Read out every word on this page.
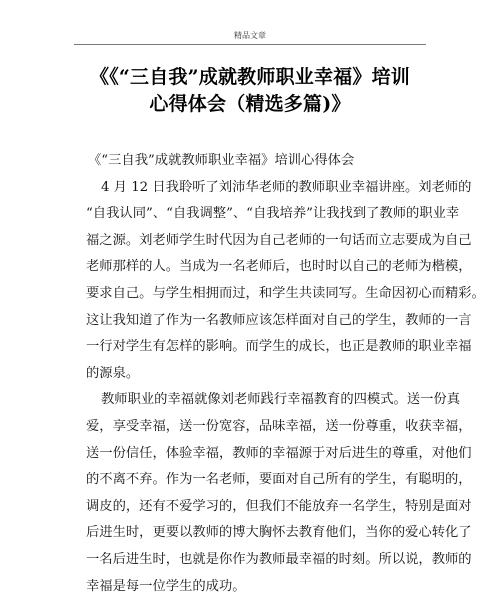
精品文章
《《“三自我”成就教师职业幸福》培训
心得体会（精选多篇)》
《“三自我”成就教师职业幸福》培训心得体会
4 月 12 日我聆听了刘沛华老师的教师职业幸福讲座。刘老师的
“自我认同”、“自我调整”、“自我培养”让我找到了教师的职业幸
福之源。刘老师学生时代因为自己老师的一句话而立志要成为自己
老师那样的人。当成为一名老师后，也时时以自己的老师为楷模，
要求自己。与学生相拥而过，和学生共读同写。生命因初心而精彩。
这让我知道了作为一名教师应该怎样面对自己的学生，教师的一言
一行对学生有怎样的影响。而学生的成长，也正是教师的职业幸福
的源泉。
教师职业的幸福就像刘老师践行幸福教育的四模式。送一份真
爱，享受幸福，送一份宽容，品味幸福，送一份尊重，收获幸福，
送一份信任，体验幸福，教师的幸福源于对后进生的尊重，对他们
的不离不弃。作为一名老师，要面对自己所有的学生，有聪明的，
调皮的，还有不爱学习的，但我们不能放弃一名学生，特别是面对
后进生时，更要以教师的博大胸怀去教育他们，当你的爱心转化了
一名后进生时，也就是你作为教师最幸福的时刻。所以说，教师的
幸福是每一位学生的成功。
